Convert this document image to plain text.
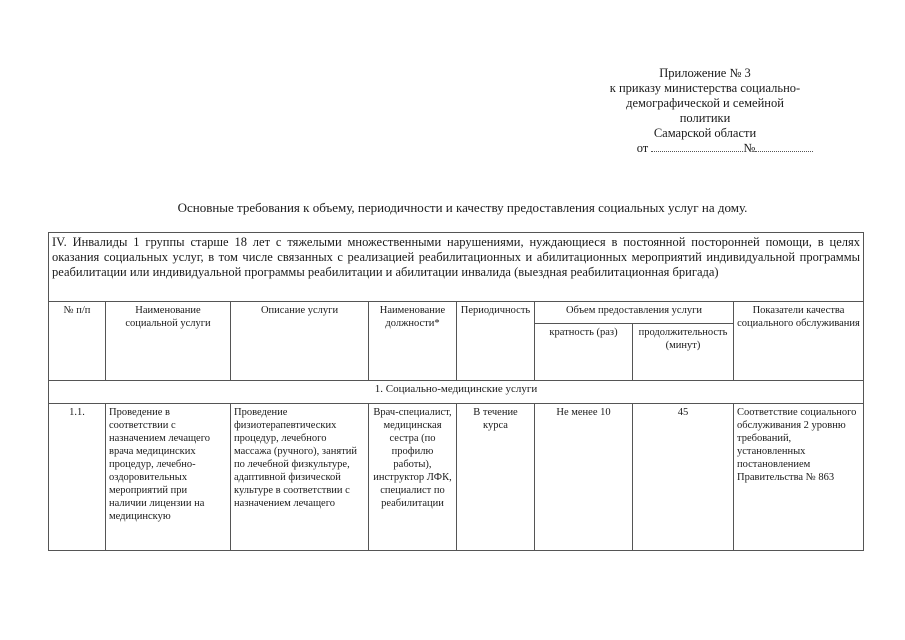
Приложение № 3
к приказу министерства социально-
демографической и семейной
политики
Самарской области
от	№
Основные требования к объему, периодичности и качеству предоставления социальных услуг на дому.
IV. Инвалиды 1 группы старше 18 лет с тяжелыми множественными нарушениями, нуждающиеся в постоянной посторонней помощи, в целях оказания социальных услуг, в том числе связанных с реализацией реабилитационных и абилитационных мероприятий индивидуальной программы реабилитации или индивидуальной программы реабилитации и абилитации инвалида (выездная реабилитационная бригада)							
№ п/п	Наименование социальной услуги	Описание услуги	Наименование должности*	Периодичность	Объем предоставления услуги		Показатели качества социального обслуживания
					кратность (раз)	продолжительность (минут)	
1. Социально-медицинские услуги							
1.1.	Проведение в соответствии с назначением лечащего врача медицинских процедур, лечебно-оздоровительных мероприятий при наличии лицензии на медицинскую	Проведение физиотерапевтических процедур, лечебного массажа (ручного), занятий по лечебной физкультуре, адаптивной физической культуре в соответствии с назначением лечащего	Врач-специалист, медицинская сестра (по профилю работы), инструктор ЛФК, специалист по реабилитации	В течение курса	Не менее 10	45	Соответствие социального обслуживания 2 уровню требований, установленных постановлением Правительства № 863
